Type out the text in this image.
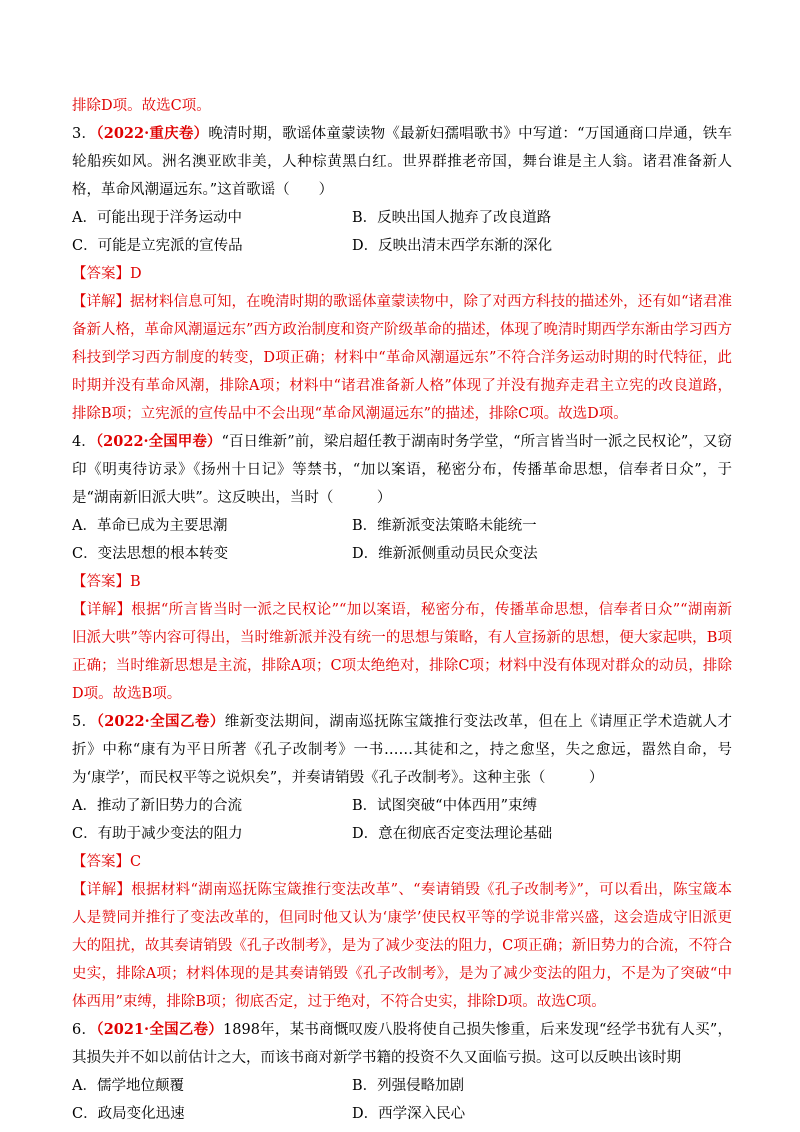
排除D项。故选C项。

3．（2022·重庆卷）晚清时期，歌谣体童蒙读物《最新妇孺唱歌书》中写道：“万国通商口岸通，铁车轮船疾如风。洲名澳亚欧非美，人种棕黄黑白红。世界群推老帝国，舞台谁是主人翁。诸君准备新人格，革命风潮逼远东。”这首歌谣（　　）

A．可能出现于洋务运动中	B．反映出国人抛弃了改良道路
C．可能是立宪派的宣传品	D．反映出清末西学东渐的深化

【答案】D

【详解】据材料信息可知，在晚清时期的歌谣体童蒙读物中，除了对西方科技的描述外，还有如“诸君准备新人格，革命风潮逼远东”西方政治制度和资产阶级革命的描述，体现了晚清时期西学东渐由学习西方科技到学习西方制度的转变，D项正确；材料中“革命风潮逼远东”不符合洋务运动时期的时代特征，此时期并没有革命风潮，排除A项；材料中“诸君准备新人格”体现了并没有抛弃走君主立宪的改良道路，排除B项；立宪派的宣传品中不会出现“革命风潮逼远东”的描述，排除C项。故选D项。

4．（2022·全国甲卷）“百日维新”前，梁启超任教于湖南时务学堂，“所言皆当时一派之民权论”，又窃印《明夷待访录》《扬州十日记》等禁书，“加以案语，秘密分布，传播革命思想，信奉者日众”，于是“湖南新旧派大哄”。这反映出，当时（　　　）

A．革命已成为主要思潮	B．维新派变法策略未能统一
C．变法思想的根本转变	D．维新派侧重动员民众变法

【答案】B

【详解】根据“所言皆当时一派之民权论”“加以案语，秘密分布，传播革命思想，信奉者日众”“湖南新旧派大哄”等内容可得出，当时维新派并没有统一的思想与策略，有人宣扬新的思想，便大家起哄，B项正确；当时维新思想是主流，排除A项；C项太绝绝对，排除C项；材料中没有体现对群众的动员，排除D项。故选B项。

5．（2022·全国乙卷）维新变法期间，湖南巡抚陈宝箴推行变法改革，但在上《请厘正学术造就人才折》中称“康有为平日所著《孔子改制考》一书……其徒和之，持之愈坚，失之愈远，嚣然自命，号为‘康学’，而民权平等之说炽矣”，并奏请销毁《孔子改制考》。这种主张（　　　）

A．推动了新旧势力的合流	B．试图突破“中体西用”束缚
C．有助于减少变法的阻力	D．意在彻底否定变法理论基础

【答案】C

【详解】根据材料“湖南巡抚陈宝箴推行变法改革”、“奏请销毁《孔子改制考》”，可以看出，陈宝箴本人是赞同并推行了变法改革的，但同时他又认为‘康学’使民权平等的学说非常兴盛，这会造成守旧派更大的阻扰，故其奏请销毁《孔子改制考》，是为了减少变法的阻力，C项正确；新旧势力的合流，不符合史实，排除A项；材料体现的是其奏请销毁《孔子改制考》，是为了减少变法的阻力，不是为了突破“中体西用”束缚，排除B项；彻底否定，过于绝对，不符合史实，排除D项。故选C项。

6．（2021·全国乙卷）1898年，某书商慨叹废八股将使自己损失惨重，后来发现“经学书犹有人买”，其损失并不如以前估计之大，而该书商对新学书籍的投资不久又面临亏损。这可以反映出该时期

A．儒学地位颠覆	B．列强侵略加剧
C．政局变化迅速	D．西学深入民心
